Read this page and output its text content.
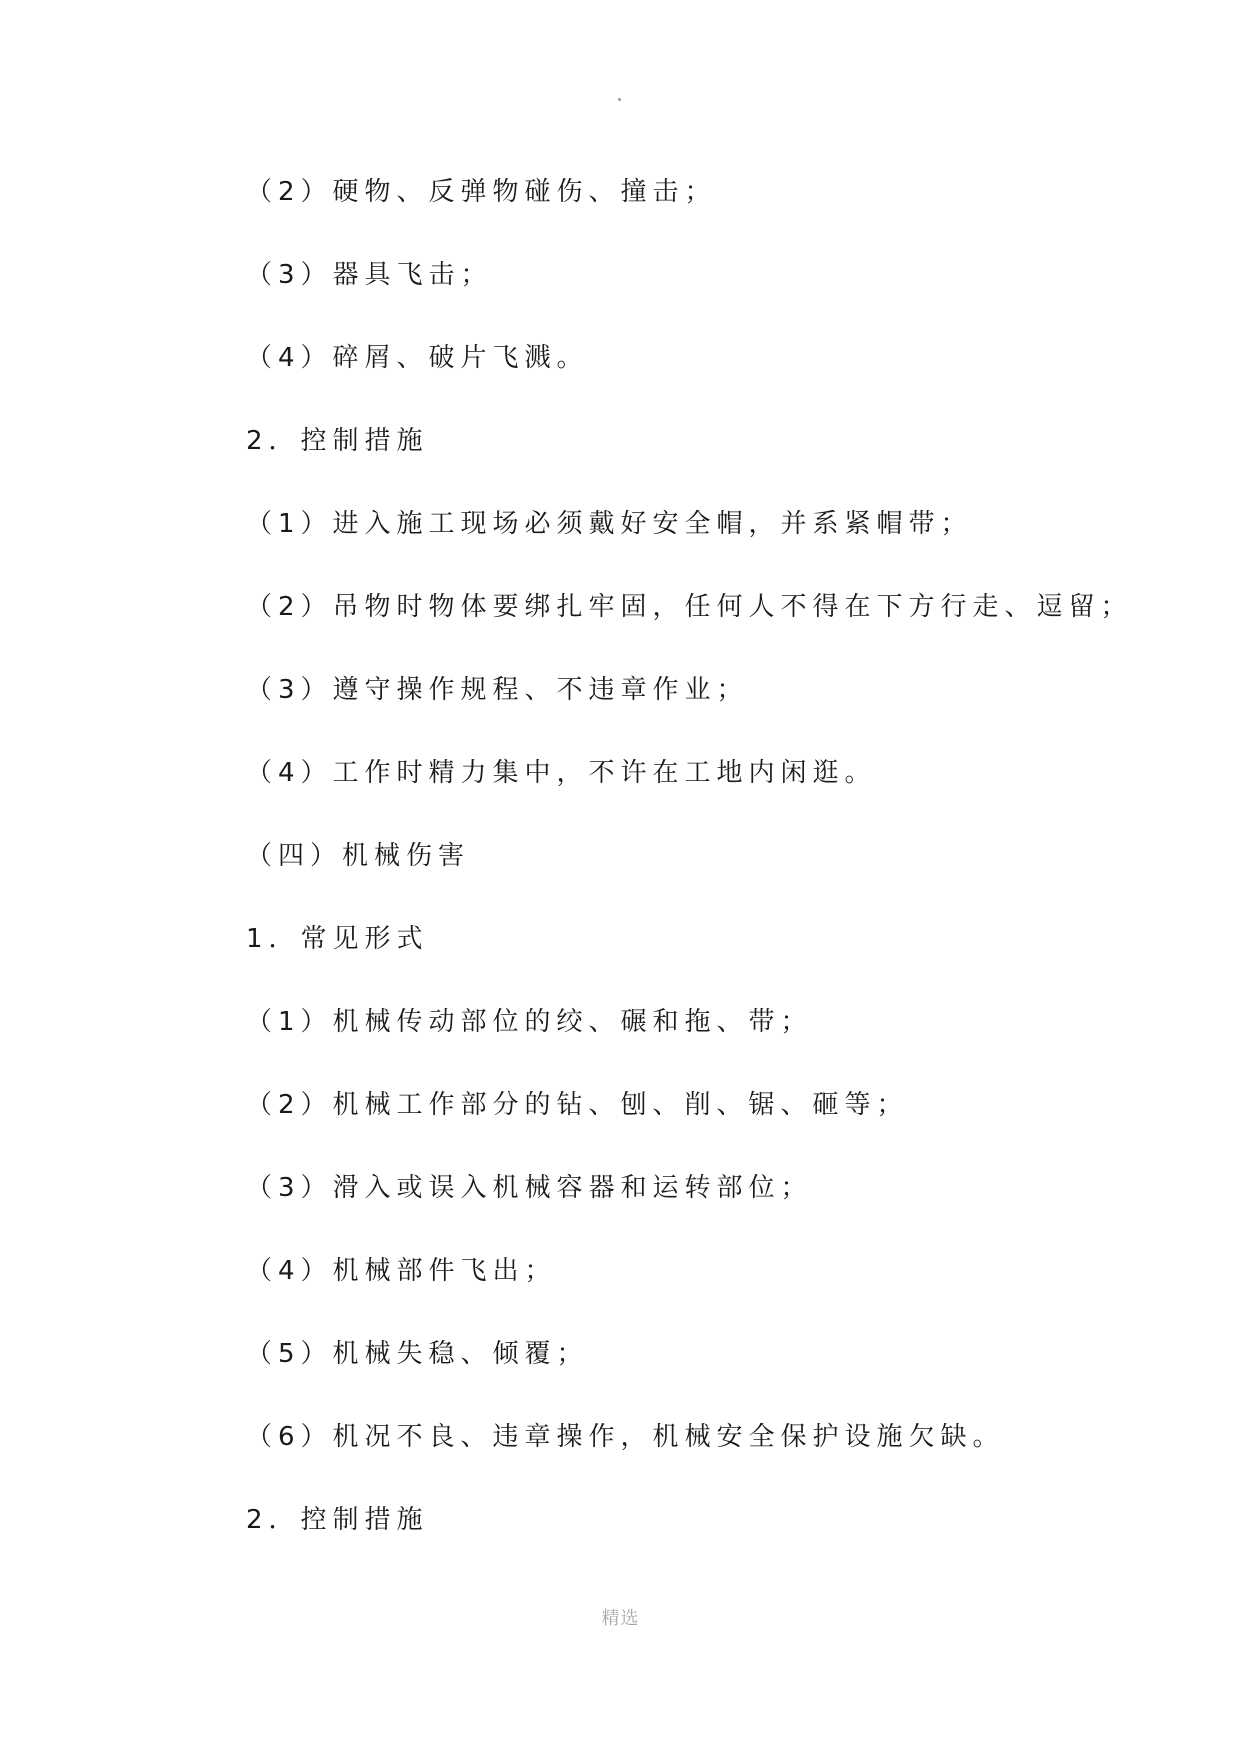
（2）硬物、反弹物碰伤、撞击；

（3）器具飞击；

（4）碎屑、破片飞溅。

2．控制措施

（1）进入施工现场必须戴好安全帽，并系紧帽带；

（2）吊物时物体要绑扎牢固，任何人不得在下方行走、逗留；

（3）遵守操作规程、不违章作业；

（4）工作时精力集中，不许在工地内闲逛。

（四）机械伤害

1．常见形式

（1）机械传动部位的绞、碾和拖、带；

（2）机械工作部分的钻、刨、削、锯、砸等；

（3）滑入或误入机械容器和运转部位；

（4）机械部件飞出；

（5）机械失稳、倾覆；

（6）机况不良、违章操作，机械安全保护设施欠缺。

2．控制措施

精选
